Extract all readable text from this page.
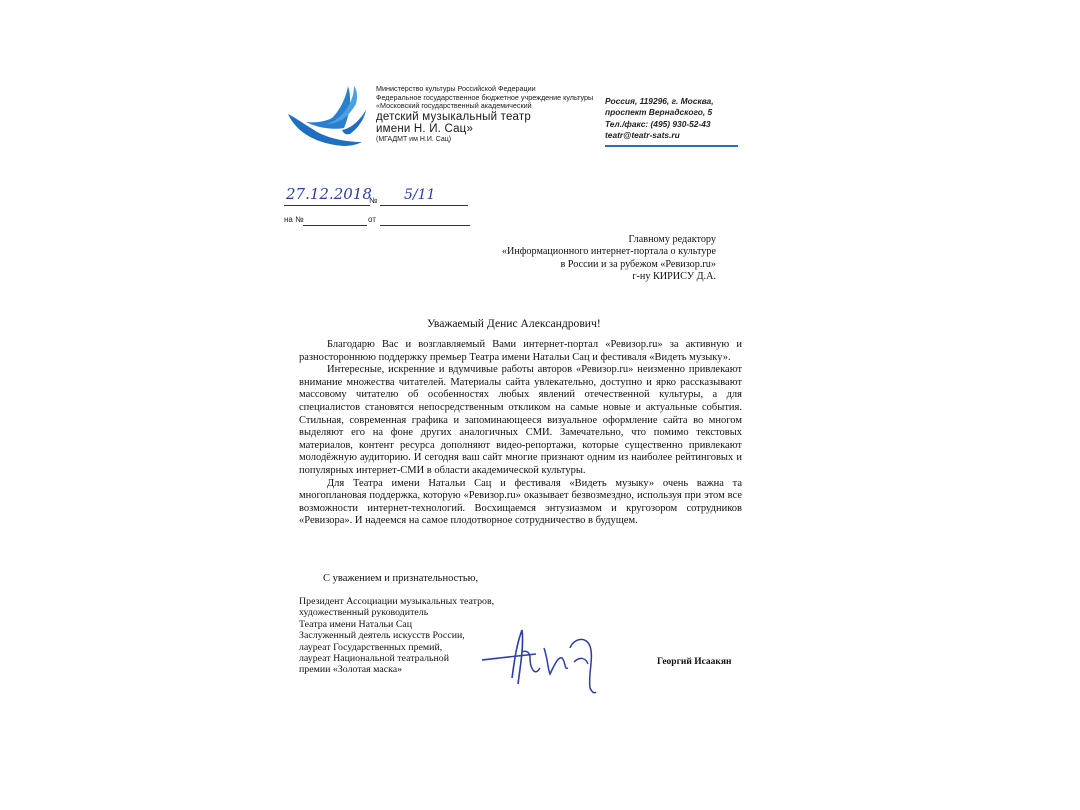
Министерство культуры Российской Федерации
Федеральное государственное бюджетное учреждение культуры
«Московский государственный академический
детский музыкальный театр
имени Н. И. Сац»
(МГАДМТ им Н.И. Сац)
Россия, 119296, г. Москва,
проспект Вернадского, 5
Тел./факс: (495) 930-52-43
teatr@teatr-sats.ru
27.12.2018
№ 5/11
на №	от
Главному редактору
«Информационного интернет-портала о культуре
в России и за рубежом «Ревизор.ru»
г-ну КИРИСУ Д.А.
Уважаемый Денис Александрович!

Благодарю Вас и возглавляемый Вами интернет-портал «Ревизор.ru» за активную и разностороннюю поддержку премьер Театра имени Натальи Сац и фестиваля «Видеть музыку».

Интересные, искренние и вдумчивые работы авторов «Ревизор.ru» неизменно привлекают внимание множества читателей. Материалы сайта увлекательно, доступно и ярко рассказывают массовому читателю об особенностях любых явлений отечественной культуры, а для специалистов становятся непосредственным откликом на самые новые и актуальные события. Стильная, современная графика и запоминающееся визуальное оформление сайта во многом выделяют его на фоне других аналогичных СМИ. Замечательно, что помимо текстовых материалов, контент ресурса дополняют видео-репортажи, которые существенно привлекают молодёжную аудиторию. И сегодня ваш сайт многие признают одним из наиболее рейтинговых и популярных интернет-СМИ в области академической культуры.

Для Театра имени Натальи Сац и фестиваля «Видеть музыку» очень важна та многоплановая поддержка, которую «Ревизор.ru» оказывает безвозмездно, используя при этом все возможности интернет-технологий. Восхищаемся энтузиазмом и кругозором сотрудников «Ревизора». И надеемся на самое плодотворное сотрудничество в будущем.

С уважением и признательностью,
Президент Ассоциации музыкальных театров,
художественный руководитель
Театра имени Натальи Сац
Заслуженный деятель искусств России,
лауреат Государственных премий,
лауреат Национальной театральной
премии «Золотая маска»
Георгий Исаакян
